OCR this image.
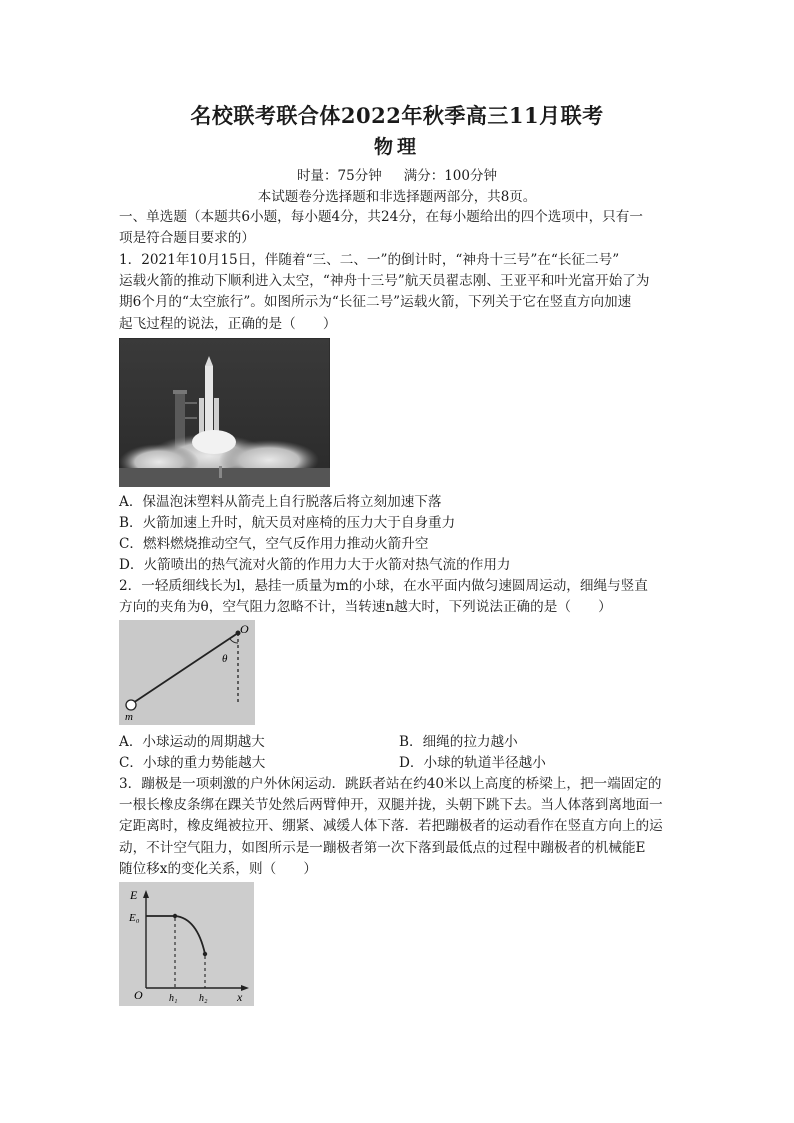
名校联考联合体2022年秋季高三11月联考
物理
时量：75分钟 满分：100分钟
本试题卷分选择题和非选择题两部分，共8页。
一、单选题（本题共6小题，每小题4分，共24分，在每小题给出的四个选项中，只有一
项是符合题目要求的）
1．2021年10月15日，伴随着“三、二、一”的倒计时，“神舟十三号”在“长征二号”
运载火箭的推动下顺利进入太空，“神舟十三号”航天员翟志刚、王亚平和叶光富开始了为
期6个月的“太空旅行”。如图所示为“长征二号”运载火箭，下列关于它在竖直方向加速
起飞过程的说法，正确的是（　　）
A．保温泡沫塑料从箭壳上自行脱落后将立刻加速下落
B．火箭加速上升时，航天员对座椅的压力大于自身重力
C．燃料燃烧推动空气，空气反作用力推动火箭升空
D．火箭喷出的热气流对火箭的作用力大于火箭对热气流的作用力
2．一轻质细线长为l，悬挂一质量为m的小球，在水平面内做匀速圆周运动，细绳与竖直
方向的夹角为θ，空气阻力忽略不计，当转速n越大时，下列说法正确的是（　　）
O
θ
m
A．小球运动的周期越大	B．细绳的拉力越小
C．小球的重力势能越大	D．小球的轨道半径越小
3．蹦极是一项刺激的户外休闲运动．跳跃者站在约40米以上高度的桥梁上，把一端固定的
一根长橡皮条绑在踝关节处然后两臂伸开，双腿并拢，头朝下跳下去。当人体落到离地面一
定距离时，橡皮绳被拉开、绷紧、减缓人体下落．若把蹦极者的运动看作在竖直方向上的运
动，不计空气阻力，如图所示是一蹦极者第一次下落到最低点的过程中蹦极者的机械能E
随位移x的变化关系，则（　　）
E
E₀
O	h₁ h₂ x
